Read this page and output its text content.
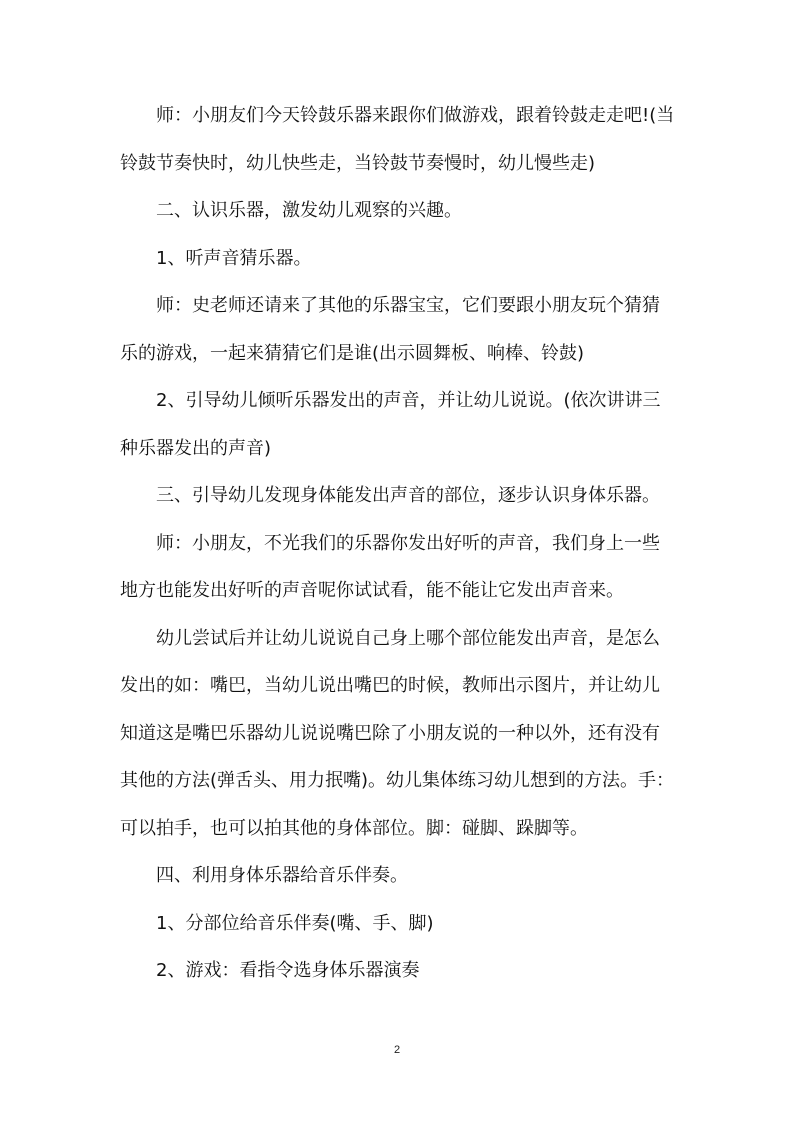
师：小朋友们今天铃鼓乐器来跟你们做游戏，跟着铃鼓走走吧!(当

铃鼓节奏快时，幼儿快些走，当铃鼓节奏慢时，幼儿慢些走)

二、认识乐器，激发幼儿观察的兴趣。

1、听声音猜乐器。

师：史老师还请来了其他的乐器宝宝，它们要跟小朋友玩个猜猜

乐的游戏，一起来猜猜它们是谁(出示圆舞板、响棒、铃鼓)

2、引导幼儿倾听乐器发出的声音，并让幼儿说说。(依次讲讲三

种乐器发出的声音)

三、引导幼儿发现身体能发出声音的部位，逐步认识身体乐器。

师：小朋友，不光我们的乐器你发出好听的声音，我们身上一些

地方也能发出好听的声音呢你试试看，能不能让它发出声音来。

幼儿尝试后并让幼儿说说自己身上哪个部位能发出声音，是怎么

发出的如：嘴巴，当幼儿说出嘴巴的时候，教师出示图片，并让幼儿

知道这是嘴巴乐器幼儿说说嘴巴除了小朋友说的一种以外，还有没有

其他的方法(弹舌头、用力抿嘴)。幼儿集体练习幼儿想到的方法。手：

可以拍手，也可以拍其他的身体部位。脚：碰脚、跺脚等。

四、利用身体乐器给音乐伴奏。

1、分部位给音乐伴奏(嘴、手、脚)

2、游戏：看指令选身体乐器演奏

2
